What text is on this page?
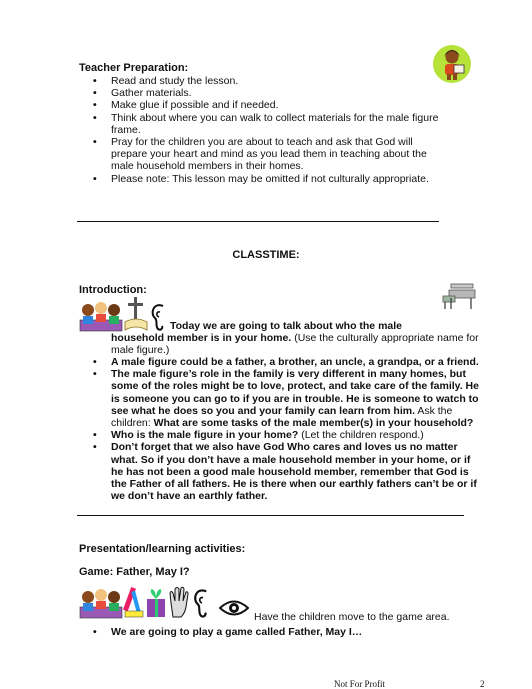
Teacher Preparation:
• Read and study the lesson.
• Gather materials.
• Make glue if possible and if needed.
• Think about where you can walk to collect materials for the male figure frame.
• Pray for the children you are about to teach and ask that God will prepare your heart and mind as you lead them in teaching about the male household members in their homes.
• Please note: This lesson may be omitted if not culturally appropriate.
CLASSTIME:
Introduction:
Today we are going to talk about who the male
household member is in your home. (Use the culturally appropriate name for male figure.)
• A male figure could be a father, a brother, an uncle, a grandpa, or a friend.
• The male figure’s role in the family is very different in many homes, but some of the roles might be to love, protect, and take care of the family. He is someone you can go to if you are in trouble. He is someone to watch to see what he does so you and your family can learn from him. Ask the children: What are some tasks of the male member(s) in your household?
• Who is the male figure in your home? (Let the children respond.)
• Don’t forget that we also have God Who cares and loves us no matter what. So if you don’t have a male household member in your home, or if he has not been a good male household member, remember that God is the Father of all fathers. He is there when our earthly fathers can’t be or if we don’t have an earthly father.
Presentation/learning activities:
Game: Father, May I?
Have the children move to the game area.
• We are going to play a game called Father, May I…
Not For Profit	2
